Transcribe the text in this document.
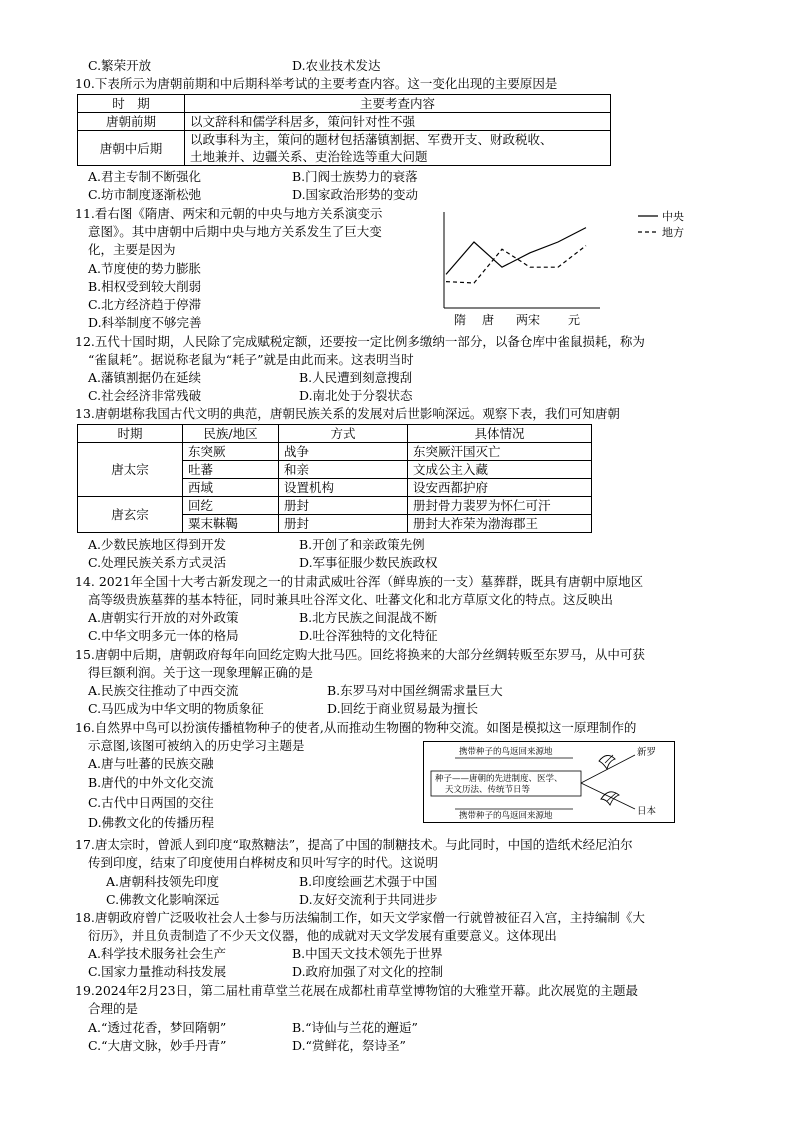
C.繁荣开放	D.农业技术发达
10.下表所示为唐朝前期和中后期科举考试的主要考查内容。这一变化出现的主要原因是
时　期	主要考查内容
唐朝前期	以文辞科和儒学科居多，策问针对性不强
唐朝中后期	以政事科为主，策问的题材包括藩镇割据、军费开支、财政税收、
土地兼并、边疆关系、吏治铨选等重大问题
A.君主专制不断强化	B.门阀士族势力的衰落
C.坊市制度逐渐松弛	D.国家政治形势的变动
11.看右图《隋唐、两宋和元朝的中央与地方关系演变示
意图》。其中唐朝中后期中央与地方关系发生了巨大变
化，主要是因为
A.节度使的势力膨胀
B.相权受到较大削弱
C.北方经济趋于停滞
D.科举制度不够完善
中央
地方
隋 唐 两宋 元
12.五代十国时期，人民除了完成赋税定额，还要按一定比例多缴纳一部分，以备仓库中雀鼠损耗，称为
“雀鼠耗”。据说称老鼠为“耗子”就是由此而来。这表明当时
A.藩镇割据仍在延续	B.人民遭到刻意搜刮
C.社会经济非常残破	D.南北处于分裂状态
13.唐朝堪称我国古代文明的典范，唐朝民族关系的发展对后世影响深远。观察下表，我们可知唐朝
时期	民族/地区	方式	具体情况
唐太宗	东突厥	战争	东突厥汗国灭亡
	吐蕃	和亲	文成公主入藏
	西域	设置机构	设安西都护府
唐玄宗	回纥	册封	册封骨力裴罗为怀仁可汗
	粟末靺鞨	册封	册封大祚荣为渤海郡王
A.少数民族地区得到开发	B.开创了和亲政策先例
C.处理民族关系方式灵活	D.军事征服少数民族政权
14. 2021年全国十大考古新发现之一的甘肃武威吐谷浑（鲜卑族的一支）墓葬群，既具有唐朝中原地区
高等级贵族墓葬的基本特征，同时兼具吐谷浑文化、吐蕃文化和北方草原文化的特点。这反映出
A.唐朝实行开放的对外政策	B.北方民族之间混战不断
C.中华文明多元一体的格局	D.吐谷浑独特的文化特征
15.唐朝中后期，唐朝政府每年向回纥定购大批马匹。回纥将换来的大部分丝绸转贩至东罗马，从中可获
得巨额利润。关于这一现象理解正确的是
A.民族交往推动了中西交流	B.东罗马对中国丝绸需求量巨大
C.马匹成为中华文明的物质象征	D.回纥于商业贸易最为擅长
16.自然界中鸟可以扮演传播植物种子的使者,从而推动生物圈的物种交流。如图是模拟这一原理制作的
示意图,该图可被纳入的历史学习主题是
A.唐与吐蕃的民族交融
B.唐代的中外文化交流
C.古代中日两国的交往
D.佛教文化的传播历程
携带种子的鸟返回来源地
携带种子的鸟返回来源地
种子——唐朝的先进制度、医学、
天文历法、传统节日等
新罗
日本
17.唐太宗时，曾派人到印度“取熬糖法”，提高了中国的制糖技术。与此同时，中国的造纸术经尼泊尔
传到印度，结束了印度使用白桦树皮和贝叶写字的时代。这说明
A.唐朝科技领先印度	B.印度绘画艺术强于中国
C.佛教文化影响深远	D.友好交流利于共同进步
18.唐朝政府曾广泛吸收社会人士参与历法编制工作，如天文学家僧一行就曾被征召入宫，主持编制《大
衍历》，并且负责制造了不少天文仪器，他的成就对天文学发展有重要意义。这体现出
A.科学技术服务社会生产	B.中国天文技术领先于世界
C.国家力量推动科技发展	D.政府加强了对文化的控制
19.2024年2月23日，第二届杜甫草堂兰花展在成都杜甫草堂博物馆的大雅堂开幕。此次展览的主题最
合理的是
A.“透过花香，梦回隋朝”	B.“诗仙与兰花的邂逅”
C.“大唐文脉，妙手丹青”	D.“赏鲜花，祭诗圣”
